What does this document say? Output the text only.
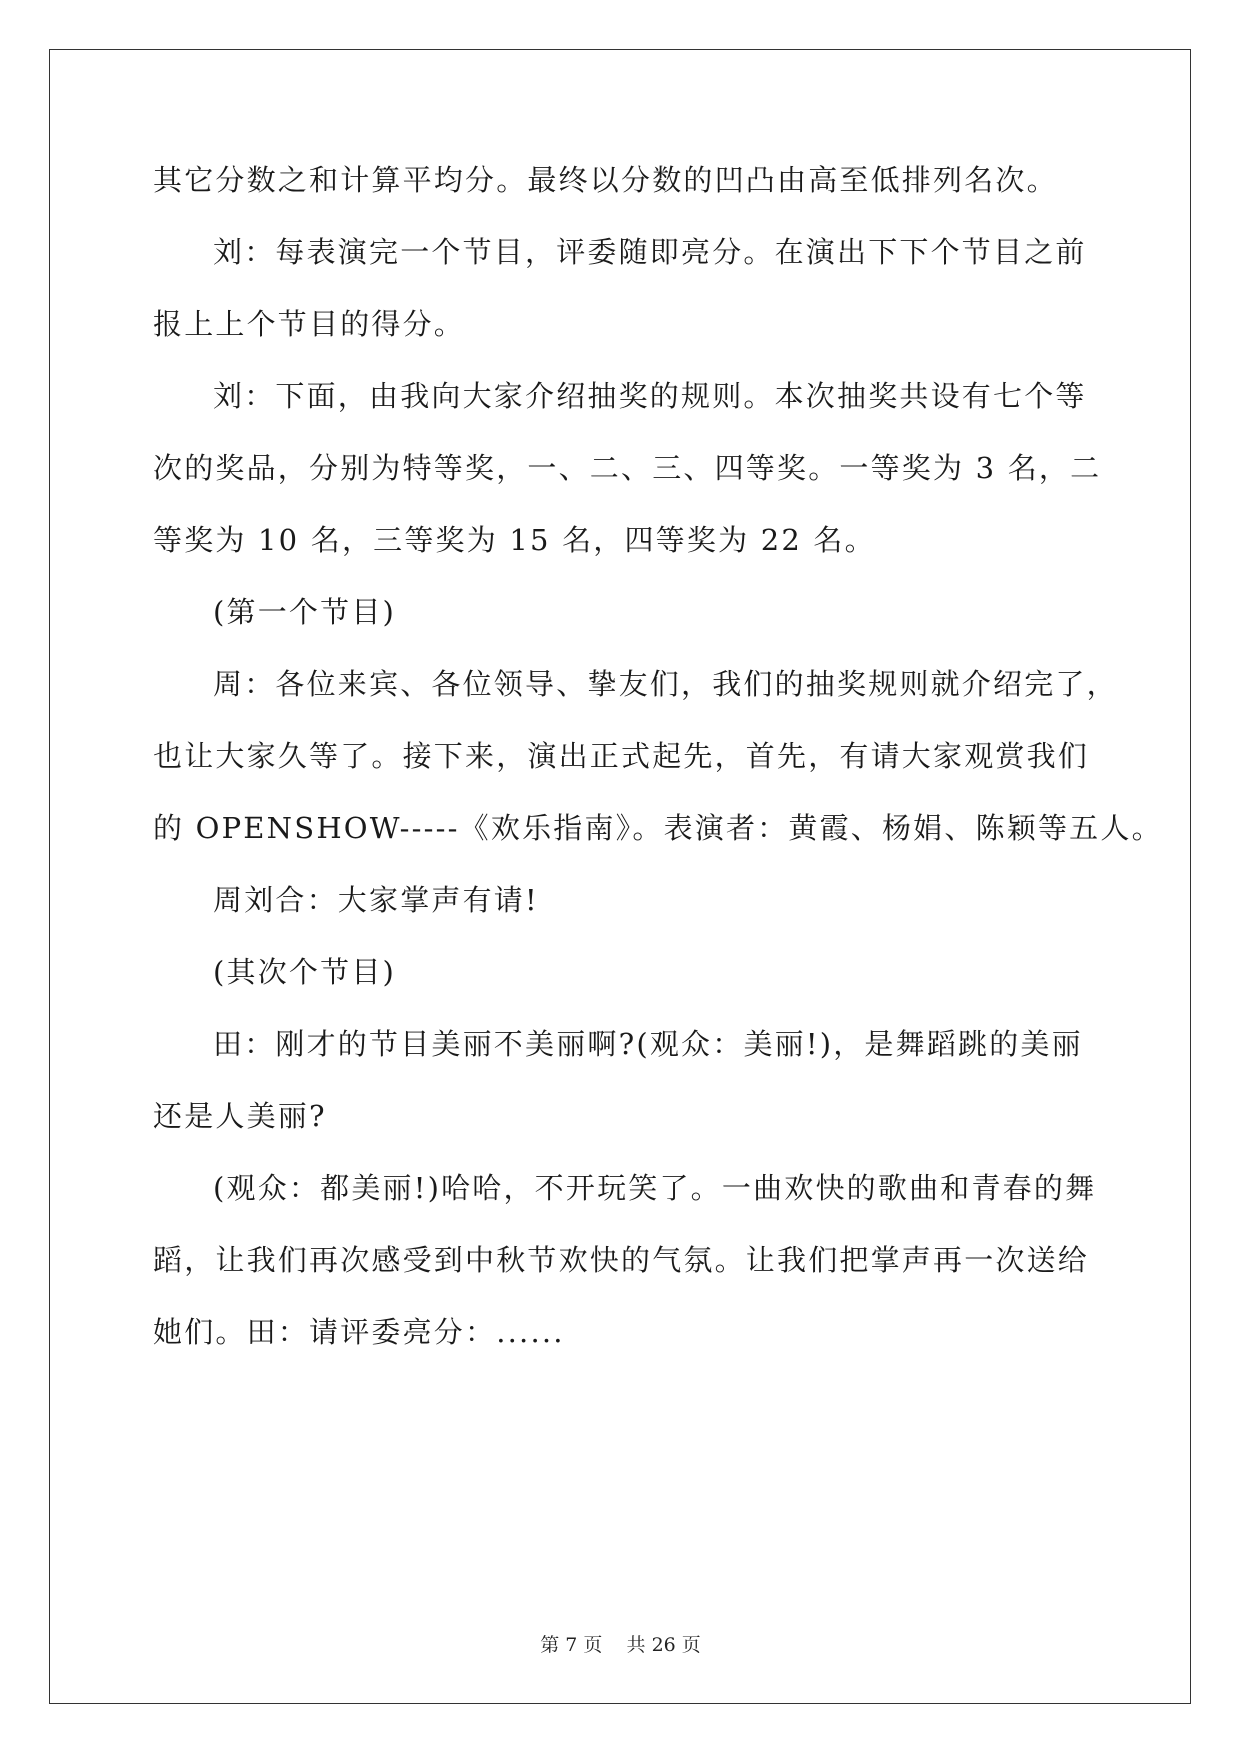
其它分数之和计算平均分。最终以分数的凹凸由高至低排列名次。
刘：每表演完一个节目，评委随即亮分。在演出下下个节目之前
报上上个节目的得分。
刘：下面，由我向大家介绍抽奖的规则。本次抽奖共设有七个等
次的奖品，分别为特等奖，一、二、三、四等奖。一等奖为 3 名，二
等奖为 10 名，三等奖为 15 名，四等奖为 22 名。
(第一个节目)
周：各位来宾、各位领导、挚友们，我们的抽奖规则就介绍完了，
也让大家久等了。接下来，演出正式起先，首先，有请大家观赏我们
的 OPENSHOW-----《欢乐指南》。表演者：黄霞、杨娟、陈颖等五人。
周刘合：大家掌声有请!
(其次个节目)
田：刚才的节目美丽不美丽啊?(观众：美丽!)，是舞蹈跳的美丽
还是人美丽?
(观众：都美丽!)哈哈，不开玩笑了。一曲欢快的歌曲和青春的舞
蹈，让我们再次感受到中秋节欢快的气氛。让我们把掌声再一次送给
她们。田：请评委亮分：......
第 7 页 共 26 页
